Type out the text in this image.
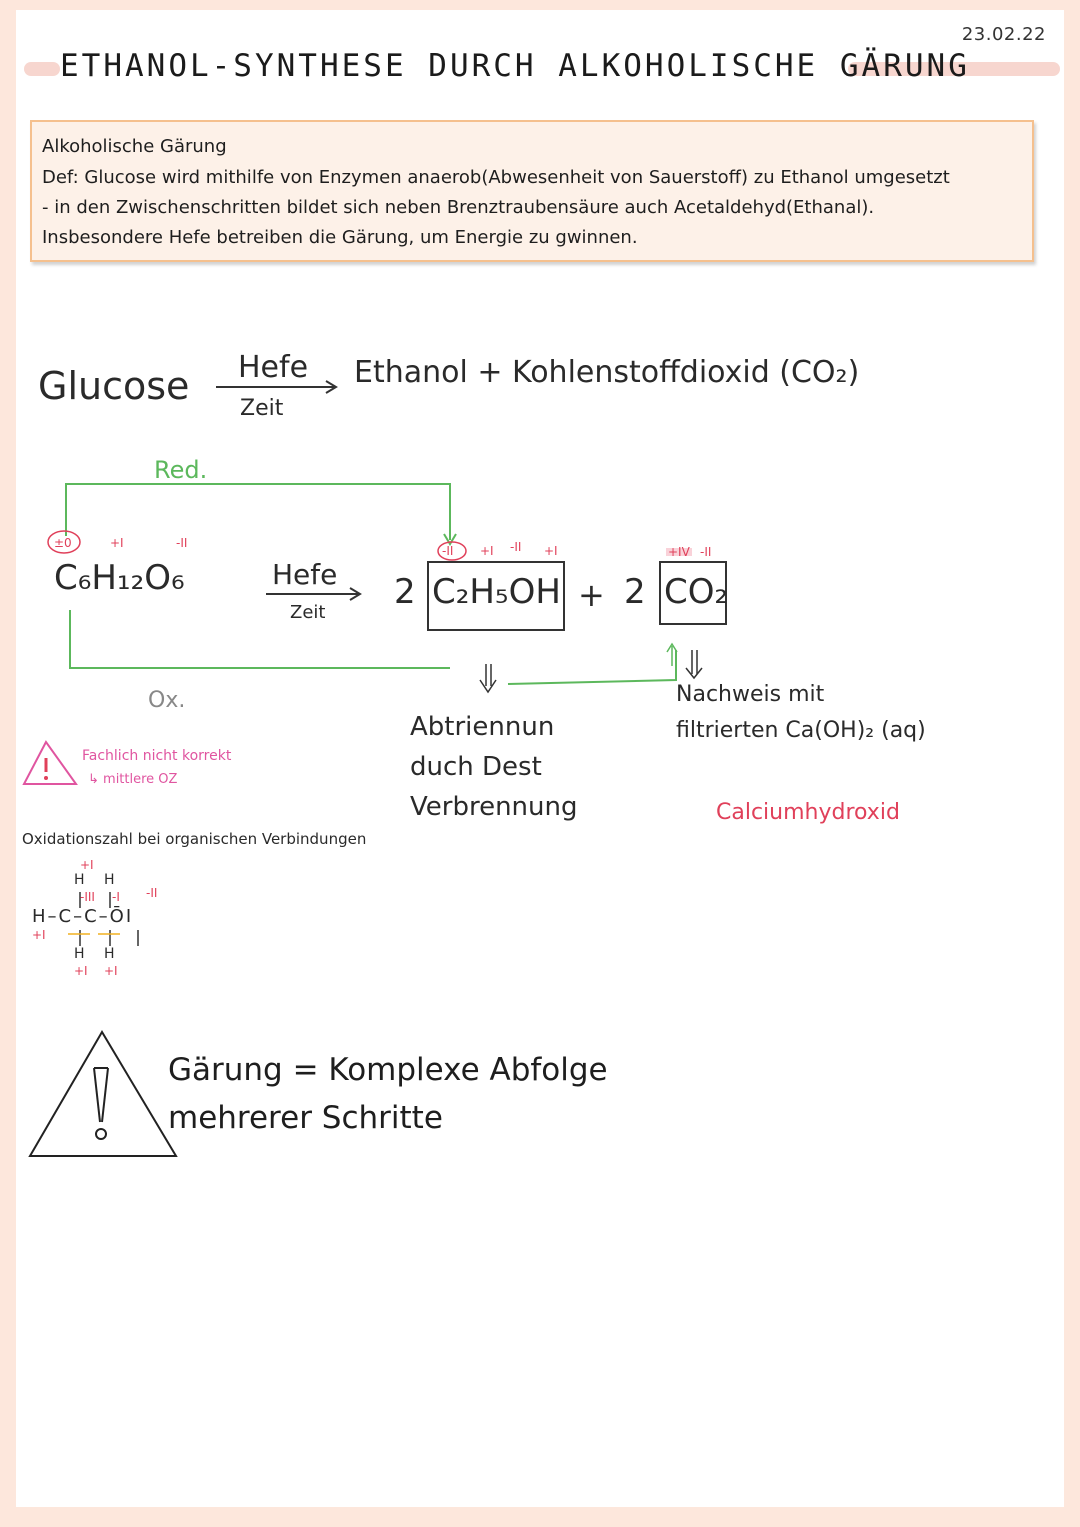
23.02.22
ETHANOL-SYNTHESE DURCH ALKOHOLISCHE GÄRUNG
Alkoholische Gärung
Def: Glucose wird mithilfe von Enzymen anaerob(Abwesenheit von Sauerstoff) zu Ethanol umgesetzt
- in den Zwischenschritten bildet sich neben Brenztraubensäure auch Acetaldehyd(Ethanal).
Insbesondere Hefe betreiben die Gärung, um Energie zu gwinnen.
Glucose Hefe
Zeit
Ethanol + Kohlenstoffdioxid (CO₂)
Red.
±0	+I	-II
C₆H₁₂O₆	Hefe
Zeit
-II +I -II +I
2 C₂H₅OH + 2
+IV -II
CO₂
Ox.
Abtriennun
duch Dest
Verbrennung
Nachweis mit
filtrierten Ca(OH)₂ (aq)
Calciumhydroxid
Fachlich nicht korrekt
↳ mittlere OZ
Oxidationszahl bei organischen Verbindungen
+I
H H
-III -I -II
H–C–C–ŌI
+I
H H
+I +I
Gärung = Komplexe Abfolge
mehrerer Schritte
